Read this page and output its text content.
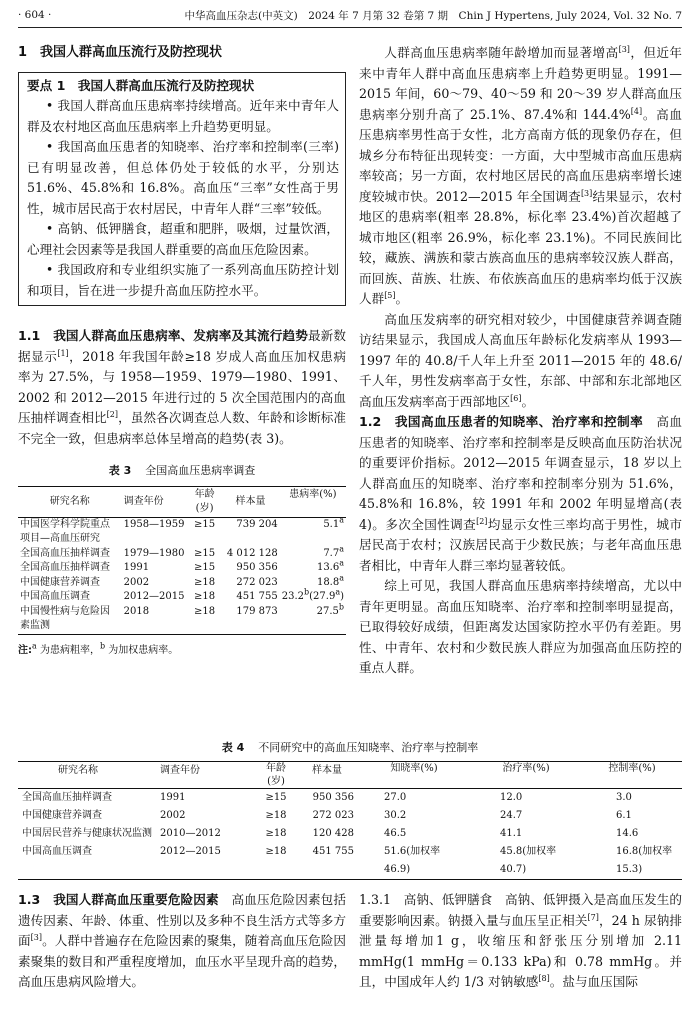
· 604 ·	中华高血压杂志(中英文)　2024 年 7 月第 32 卷第 7 期　Chin J Hypertens, July 2024, Vol. 32 No. 7
1　我国人群高血压流行及防控现状
要点 1　我国人群高血压流行及防控现状

• 我国人群高血压患病率持续增高。近年来中青年人群及农村地区高血压患病率上升趋势更明显。

• 我国高血压患者的知晓率、治疗率和控制率(三率)已有明显改善，但总体仍处于较低的水平，分别达 51.6%、45.8%和 16.8%。高血压“三率”女性高于男性，城市居民高于农村居民，中青年人群“三率”较低。

• 高钠、低钾膳食，超重和肥胖，吸烟，过量饮酒，心理社会因素等是我国人群重要的高血压危险因素。

• 我国政府和专业组织实施了一系列高血压防控计划和项目，旨在进一步提升高血压防控水平。

1.1　我国人群高血压患病率、发病率及其流行趋势最新数据显示[1]，2018 年我国年龄≥18 岁成人高血压加权患病率为 27.5%，与 1958—1959、1979—1980、1991、2002 和 2012—2015 年进行过的 5 次全国范围内的高血压抽样调查相比[2]，虽然各次调查总人数、年龄和诊断标准不完全一致，但患病率总体呈增高的趋势(表 3)。

表 3 全国高血压患病率调查
研究名称	调查年份	年龄(岁)	样本量	患病率(%)
中国医学科学院重点项目—高血压研究	1958—1959	≥15	739 204	5.1$^a$
全国高血压抽样调查	1979—1980	≥15	4 012 128	7.7$^a$
全国高血压抽样调查	1991	≥15	950 356	13.6$^a$
中国健康营养调查	2002	≥18	272 023	18.8$^a$
中国高血压调查	2012—2015	≥18	451 755	23.2$^b$(27.9$^a$)
中国慢性病与危险因素监测	2018	≥18	179 873	27.5$^b$
注:$^a$ 为患病粗率，$^b$ 为加权患病率。

人群高血压患病率随年龄增加而显著增高[3]，但近年来中青年人群中高血压患病率上升趋势更明显。1991—2015 年间，60～79、40～59 和 20～39 岁人群高血压患病率分别升高了 25.1%、87.4%和 144.4%[4]。高血压患病率男性高于女性，北方高南方低的现象仍存在，但城乡分布特征出现转变：一方面，大中型城市高血压患病率较高；另一方面，农村地区居民的高血压患病率增长速度较城市快。2012—2015 年全国调查[3]结果显示，农村地区的患病率(粗率 28.8%，标化率 23.4%)首次超越了城市地区(粗率 26.9%，标化率 23.1%)。不同民族间比较，藏族、满族和蒙古族高血压的患病率较汉族人群高，而回族、苗族、壮族、布依族高血压的患病率均低于汉族人群[5]。

高血压发病率的研究相对较少，中国健康营养调查随访结果显示，我国成人高血压年龄标化发病率从 1993—1997 年的 40.8/千人年上升至 2011—2015 年的 48.6/千人年，男性发病率高于女性，东部、中部和东北部地区高血压发病率高于西部地区[6]。

1.2　我国高血压患者的知晓率、治疗率和控制率　高血压患者的知晓率、治疗率和控制率是反映高血压防治状况的重要评价指标。2012—2015 年调查显示，18 岁以上人群高血压的知晓率、治疗率和控制率分别为 51.6%，45.8%和 16.8%，较 1991 年和 2002 年明显增高(表 4)。多次全国性调查[2]均显示女性三率均高于男性，城市居民高于农村；汉族居民高于少数民族；与老年高血压患者相比，中青年人群三率均显著较低。

综上可见，我国人群高血压患病率持续增高，尤以中青年更明显。高血压知晓率、治疗率和控制率明显提高，已取得较好成绩，但距离发达国家防控水平仍有差距。男性、中青年、农村和少数民族人群应为加强高血压防控的重点人群。

表 4 不同研究中的高血压知晓率、治疗率与控制率
研究名称	调查年份	年龄(岁)	样本量	知晓率(%)	治疗率(%)	控制率(%)
全国高血压抽样调查	1991	≥15	950 356	27.0	12.0	3.0
中国健康营养调查	2002	≥18	272 023	30.2	24.7	6.1
中国居民营养与健康状况监测	2010—2012	≥18	120 428	46.5	41.1	14.6
中国高血压调查	2012—2015	≥18	451 755	51.6(加权率 46.9)	45.8(加权率 40.7)	16.8(加权率 15.3)

1.3　我国人群高血压重要危险因素　高血压危险因素包括遗传因素、年龄、体重、性别以及多种不良生活方式等多方面[3]。人群中普遍存在危险因素的聚集，随着高血压危险因素聚集的数目和严重程度增加，血压水平呈现升高的趋势，高血压患病风险增大。

1.3.1　高钠、低钾膳食　高钠、低钾摄入是高血压发生的重要影响因素。钠摄入量与血压呈正相关[7]，24 h 尿钠排泄量每增加1 g，收缩压和舒张压分别增加 2.11 mmHg(1 mmHg＝0.133 kPa)和 0.78 mmHg。并且，中国成年人约 1/3 对钠敏感[8]。盐与血压国际
